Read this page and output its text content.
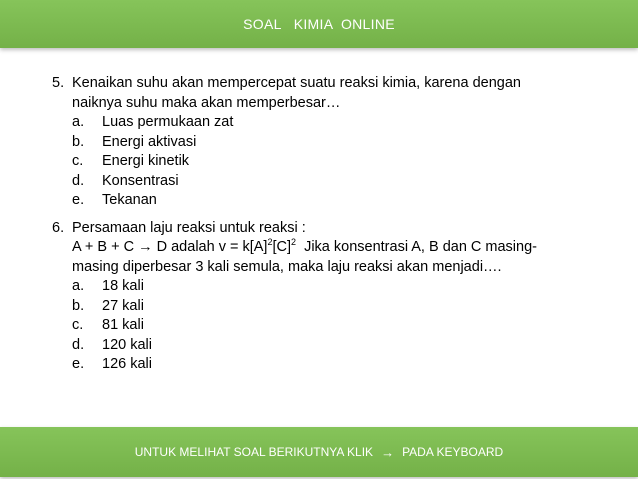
SOAL   KIMIA  ONLINE
5. Kenaikan suhu akan mempercepat suatu reaksi kimia, karena dengan
naiknya suhu maka akan memperbesar…
a.	Luas permukaan zat
b.	Energi aktivasi
c.	Energi kinetik
d.	Konsentrasi
e.	Tekanan
6. Persamaan laju reaksi untuk reaksi :
A + B + C → D adalah $v = k[A]^2[C]^2$  Jika konsentrasi A, B dan C masing-
masing diperbesar 3 kali semula, maka laju reaksi akan menjadi….
a.	18 kali
b.	27 kali
c.	81 kali
d.	120 kali
e.	126 kali
UNTUK MELIHAT SOAL BERIKUTNYA KLIK → PADA KEYBOARD
